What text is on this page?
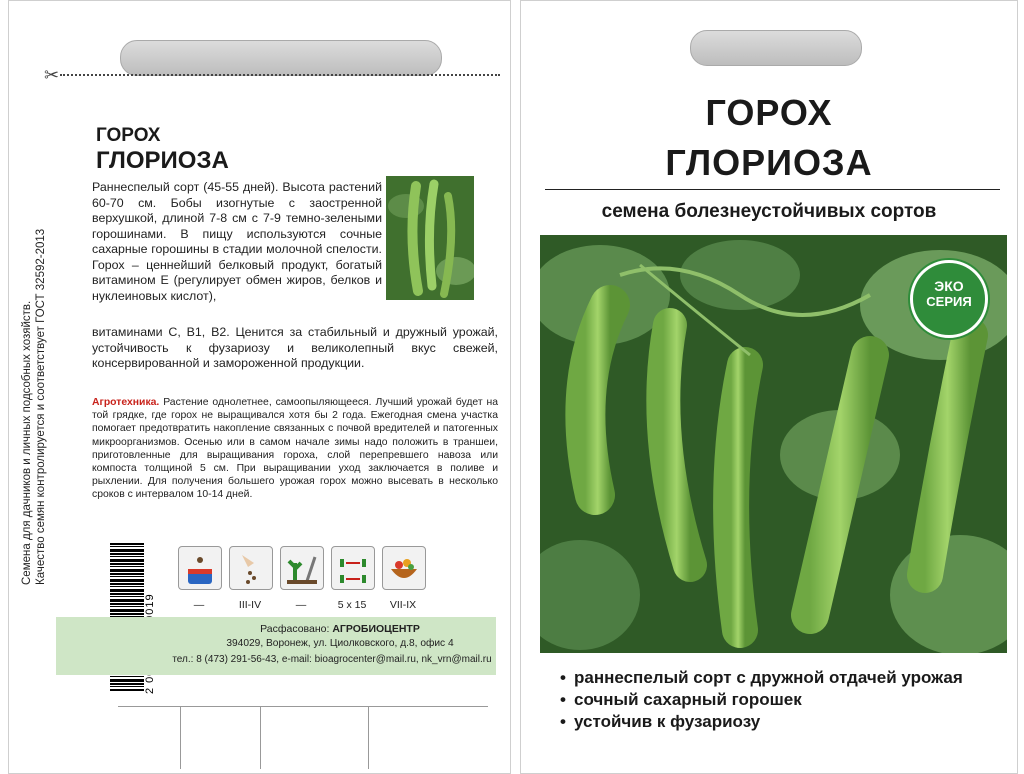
✂
Семена для дачников и личных подсобных хозяйств. Качество семян контролируется и соответствует ГОСТ 32592-2013
ГОРОХ
ГЛОРИОЗА
Раннеспелый сорт (45-55 дней). Высота растений 60-70 см. Бобы изогнутые с заостренной верхушкой, длиной 7-8 см с 7-9 темно-зелеными горошинами. В пищу используются сочные сахарные горошины в стадии молочной спелости. Горох – ценнейший белковый продукт, богатый витамином E (регулирует обмен жиров, белков и нуклеиновых кислот),
витаминами C, B1, B2. Ценится за стабильный и дружный урожай, устойчивость к фузариозу и великолепный вкус свежей, консервированной и замороженной продукции.
Агротехника. Растение однолетнее, самоопыляющееся. Лучший урожай будет на той грядке, где горох не выращивался хотя бы 2 года. Ежегодная смена участка помогает предотвратить накопление связанных с почвой вредителей и патогенных микроорганизмов. Осенью или в самом начале зимы надо положить в траншеи, приготовленные для выращивания гороха, слой перепревшего навоза или компоста толщиной 5 см. При выращивании уход заключается в поливе и рыхлении. Для получения большего урожая горох можно высевать в несколько сроков с интервалом 10-14 дней.
—	III-IV	—	5 х 15	VII-IX
Расфасовано: АГРОБИОЦЕНТР
394029, Воронеж, ул. Циолковского, д.8, офис 4
тел.: 8 (473) 291-56-43, e-mail: bioagrocenter@mail.ru, nk_vrn@mail.ru
ГОРОХ
ГЛОРИОЗА
семена болезнеустойчивых сортов
ЭКО
СЕРИЯ
• раннеспелый сорт с дружной отдачей урожая
• сочный сахарный горошек
• устойчив к фузариозу
